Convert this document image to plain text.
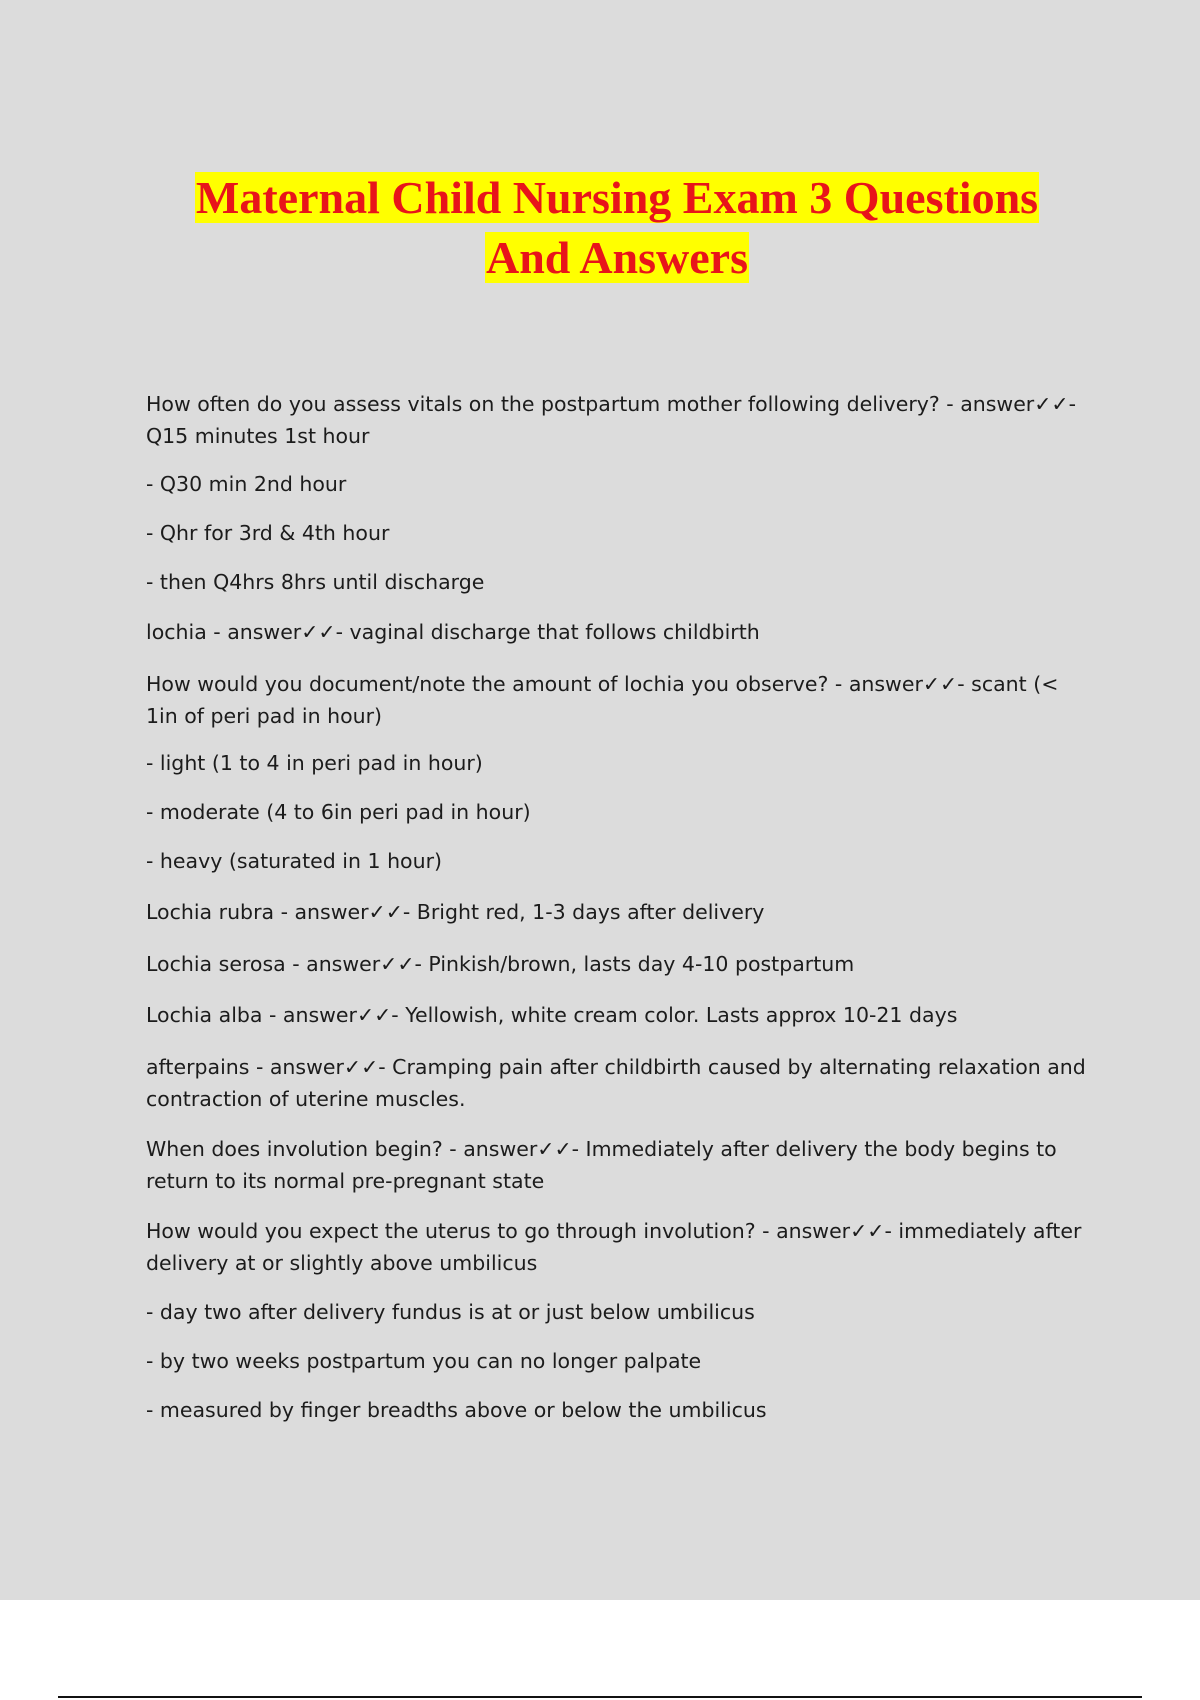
Maternal Child Nursing Exam 3 Questions
And Answers

How often do you assess vitals on the postpartum mother following delivery? - answer✓✓- Q15 minutes 1st hour

- Q30 min 2nd hour

- Qhr for 3rd & 4th hour

- then Q4hrs 8hrs until discharge

lochia - answer✓✓- vaginal discharge that follows childbirth

How would you document/note the amount of lochia you observe? - answer✓✓- scant (< 1in of peri pad in hour)

- light (1 to 4 in peri pad in hour)

- moderate (4 to 6in peri pad in hour)

- heavy (saturated in 1 hour)

Lochia rubra - answer✓✓- Bright red, 1-3 days after delivery

Lochia serosa - answer✓✓- Pinkish/brown, lasts day 4-10 postpartum

Lochia alba - answer✓✓- Yellowish, white cream color. Lasts approx 10-21 days

afterpains - answer✓✓- Cramping pain after childbirth caused by alternating relaxation and contraction of uterine muscles.

When does involution begin? - answer✓✓- Immediately after delivery the body begins to return to its normal pre-pregnant state

How would you expect the uterus to go through involution? - answer✓✓- immediately after delivery at or slightly above umbilicus

- day two after delivery fundus is at or just below umbilicus

- by two weeks postpartum you can no longer palpate

- measured by finger breadths above or below the umbilicus
